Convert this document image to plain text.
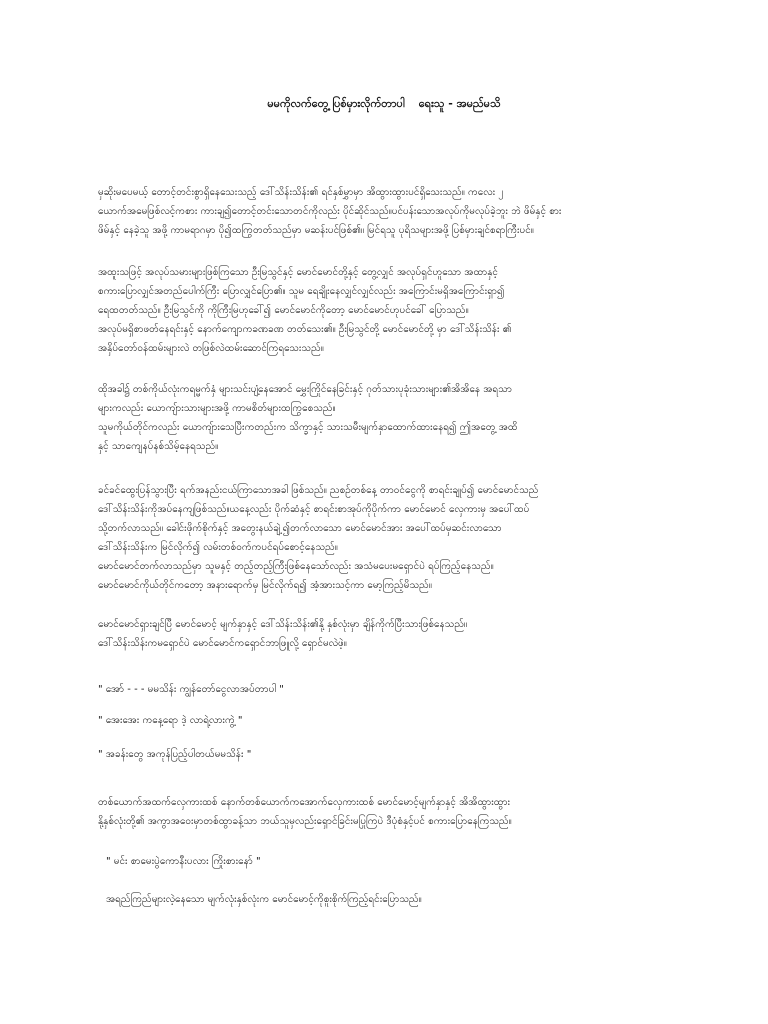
မမကိုလက်တွေ့ ပြစ်မှားလိုက်တာပါ ရေးသူ - အမည်မသိ
မှဆိုးမပေမယ့် တောင့်တင်းစွာရှိနေသေးသည့် ဒေါ်သိန်းသိန်း၏ ရင်နှစ်မွှာမှာ အိထွားထွားပင်ရှိသေးသည်။ ကလေး ၂
ယောက်အမေဖြစ်လင့်ကစား ကားချ၍တောင့်တင်းသောတင်ကိုလည်း ပိုင်ဆိုင်သည်။ပင်ပန်းသောအလုပ်ကိုမလုပ်ခဲ့ဘူး ဘဲ ဖိမ်နှင့် စား
ဖိမ်နှင့် နေခဲ့သူ အဖို့ ကာမရာဂမှာ ပို၍ထကြွတတ်သည်မှာ မဆန်းပင်ဖြစ်၏။ မြင်ရသူ ပုရိသများအဖို့ ပြစ်မှားချင်စရာကြီးပင်။
အထူးသဖြင့် အလုပ်သမားများဖြစ်ကြသော ဦးမြသွင်နှင့် မောင်မောင်တို့နှင့် တွေ့လျှင် အလုပ်ရှင်ဟူသော အထာနှင့်
စကားပြောလျှင်အတည်ပေါက်ကြီး ပြောလျှင်ပြော၏။ သူမ ရေချိုးနေလျှင်လျှင်လည်း အကြောင်းမရှိအကြောင်းရှာ၍
ရေထတတ်သည်။ ဦးမြသွင်ကို ကိုကြီးမြဟုခေါ်၍ မောင်မောင်ကိုတော့ မောင်မောင်ဟုပင်ခေါ် ပြောသည်။
အလုပ်မရှိစာဖတ်နေရင်းနှင့် နောက်ကျောကခဏခဏ တတ်သေး၏။ ဦးမြသွင်တို့ မောင်မောင်တို့ မှာ ဒေါ်သိန်းသိန်း ၏
အနှိပ်တော်ဝန်ထမ်းများလဲ တဖြစ်လဲထမ်းဆောင်ကြရသေးသည်။
ထိုအခါ၌ တစ်ကိုယ်လုံးကရမ္မက်နှံ များသင်းပျံ့နေအောင် မွှေးကြိုင်နေခြင်းနှင့် ဂုတ်သားပုခုံးသားများ၏အိအိနေ အရသာ
များကလည်း ယောကျ်ားသားများအဖို့ ကာမစိတ်များထကြွစေသည်။
သူမကိုယ်တိုင်ကလည်း ယောကျ်ားသေပြီးကတည်းက သိက္ခာနှင့် သားသမီးမျက်နှာထောက်ထားနေရ၍ ဤအတွေ့ အထိ
နှင့် သာကျေနပ်နစ်သိမ့်နေရသည်။
ခင်ခင်ထွေးပြန်သွားပြီး ရက်အနည်းငယ်ကြာသောအခါ ဖြစ်သည်။ ညစဉ်တစ်နေ့ တာဝင်ငွေကို စာရင်းချုပ်၍ မောင်မောင်သည်
ဒေါ်သိန်းသိန်းကိုအပ်နေကျဖြစ်သည်။ယနေ့လည်း ပိုက်ဆံနှင့် စာရင်းစာအုပ်ကိုပိုက်ကာ မောင်မောင် လှေကားမှ အပေါ်ထပ်
သို့တက်လာသည်။ ခေါင်းဖိုက်စိုက်နှင့် အတွေးနယ်ချဲ့၍တက်လာသော မောင်မောင်အား အပေါ်ထပ်မှဆင်းလာသော
ဒေါ်သိန်းသိန်းက မြင်လိုက်၍ လမ်းတစ်ဝက်ကပင်ရပ်စောင့်နေသည်။
မောင်မောင်တက်လာသည်မှာ သူမနှင့် တည့်တည့်ကြီးဖြစ်နေသော်လည်း အသံမပေးမရှောင်ပဲ ရပ်ကြည့်နေသည်။
မောင်မောင်ကိုယ်တိုင်ကတော့ အနားရောက်မှ မြင်လိုက်ရ၍ အံ့အားသင့်ကာ မော့ကြည့်မိသည်။
မောင်မောင်ရှားချင်ပြီ မောင်မောင့် မျက်နှာနှင့် ဒေါ်သိန်းသိန်း၏နို့ နှစ်လုံးမှာ ချိန်ကိုက်ပြီးသားဖြစ်နေသည်။
ဒေါ်သိန်းသိန်းကမရှောင်ပဲ မောင်မောင်ကရှောင်ဘာဖြူလို့ ရှောင်မလဲဖဲ့။
" အော် - - - မမသိန်း ကျွန်တော်ငွေလာအပ်တာပါ "
" အေးအေး ကနေ့ရော ဒဲ့ လာရဲ့လားကွဲ့ "
" အခန်းတွေ အကုန်ပြည့်ပါတယ်မမသိန်း "
တစ်ယောက်အထက်လှေကားထစ် နောက်တစ်ယောက်ကအောက်လှေကားထစ် မောင်မောင့်မျက်နှာနှင့် အိအိထွားထွား
နို့နှစ်လုံးတို့၏ အကွာအဝေးမှာတစ်ထွာခန့်သာ ဘယ်သူမှလည်းရှောင်ခြင်းမပြုကြပဲ ဒီပုံစံနှင့်ပင် စကားပြောနေကြသည်။
" မင်း စာမေးပွဲကောနီးပလား ကြိုးစားနော် "
အရည်ကြည်များလဲ့နေသော မျက်လုံးနှစ်လုံးက မောင်မောင့်ကိုစူးစိုက်ကြည့်ရင်းပြောသည်။
